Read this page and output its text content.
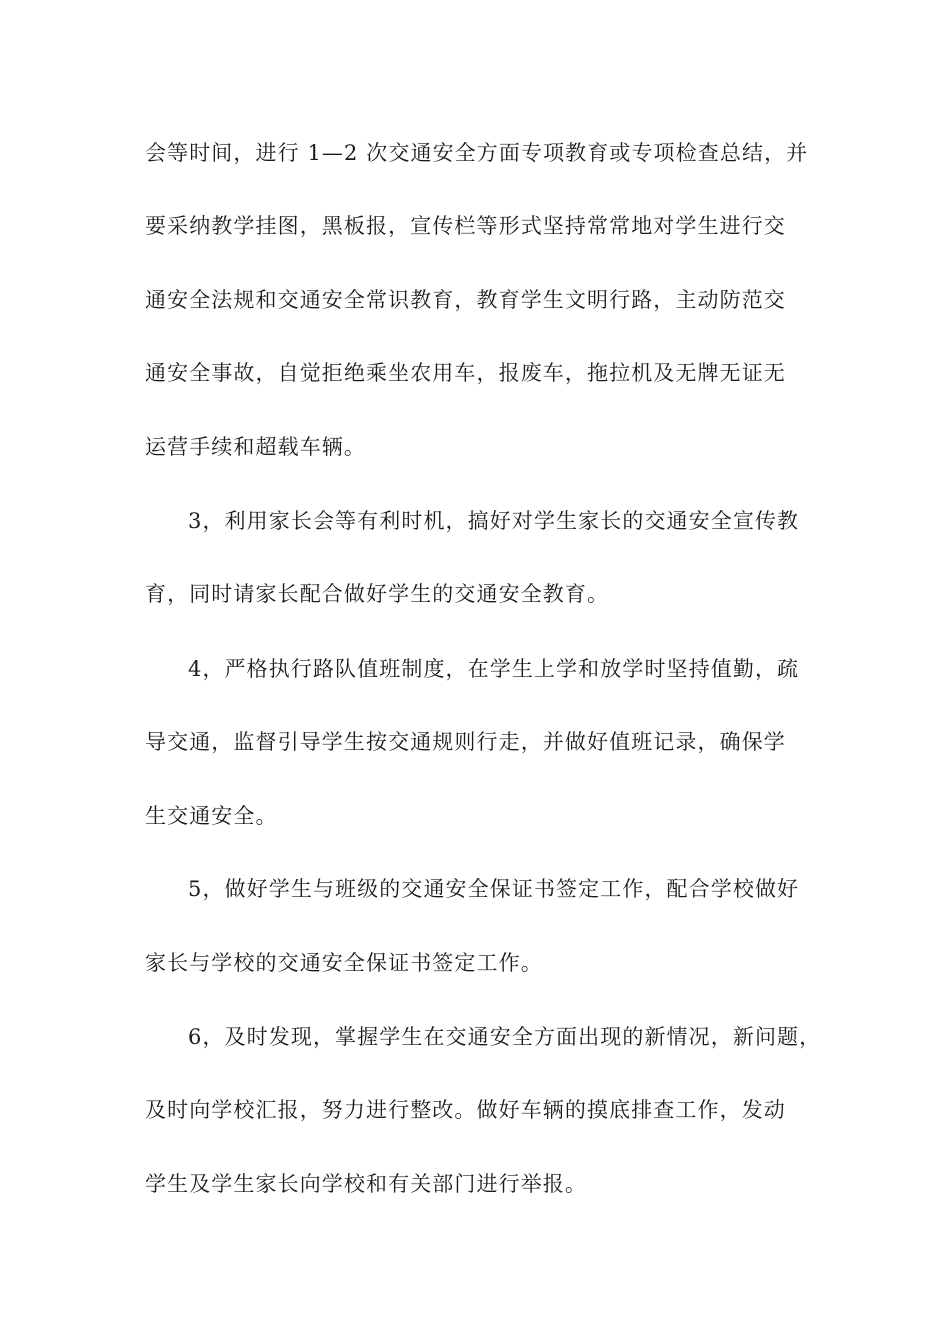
会等时间，进行 1—2 次交通安全方面专项教育或专项检查总结，并
要采纳教学挂图，黑板报，宣传栏等形式坚持常常地对学生进行交
通安全法规和交通安全常识教育，教育学生文明行路，主动防范交
通安全事故，自觉拒绝乘坐农用车，报废车，拖拉机及无牌无证无
运营手续和超载车辆。
3，利用家长会等有利时机，搞好对学生家长的交通安全宣传教
育，同时请家长配合做好学生的交通安全教育。
4，严格执行路队值班制度，在学生上学和放学时坚持值勤，疏
导交通，监督引导学生按交通规则行走，并做好值班记录，确保学
生交通安全。
5，做好学生与班级的交通安全保证书签定工作，配合学校做好
家长与学校的交通安全保证书签定工作。
6，及时发现，掌握学生在交通安全方面出现的新情况，新问题，
及时向学校汇报，努力进行整改。做好车辆的摸底排查工作，发动
学生及学生家长向学校和有关部门进行举报。
